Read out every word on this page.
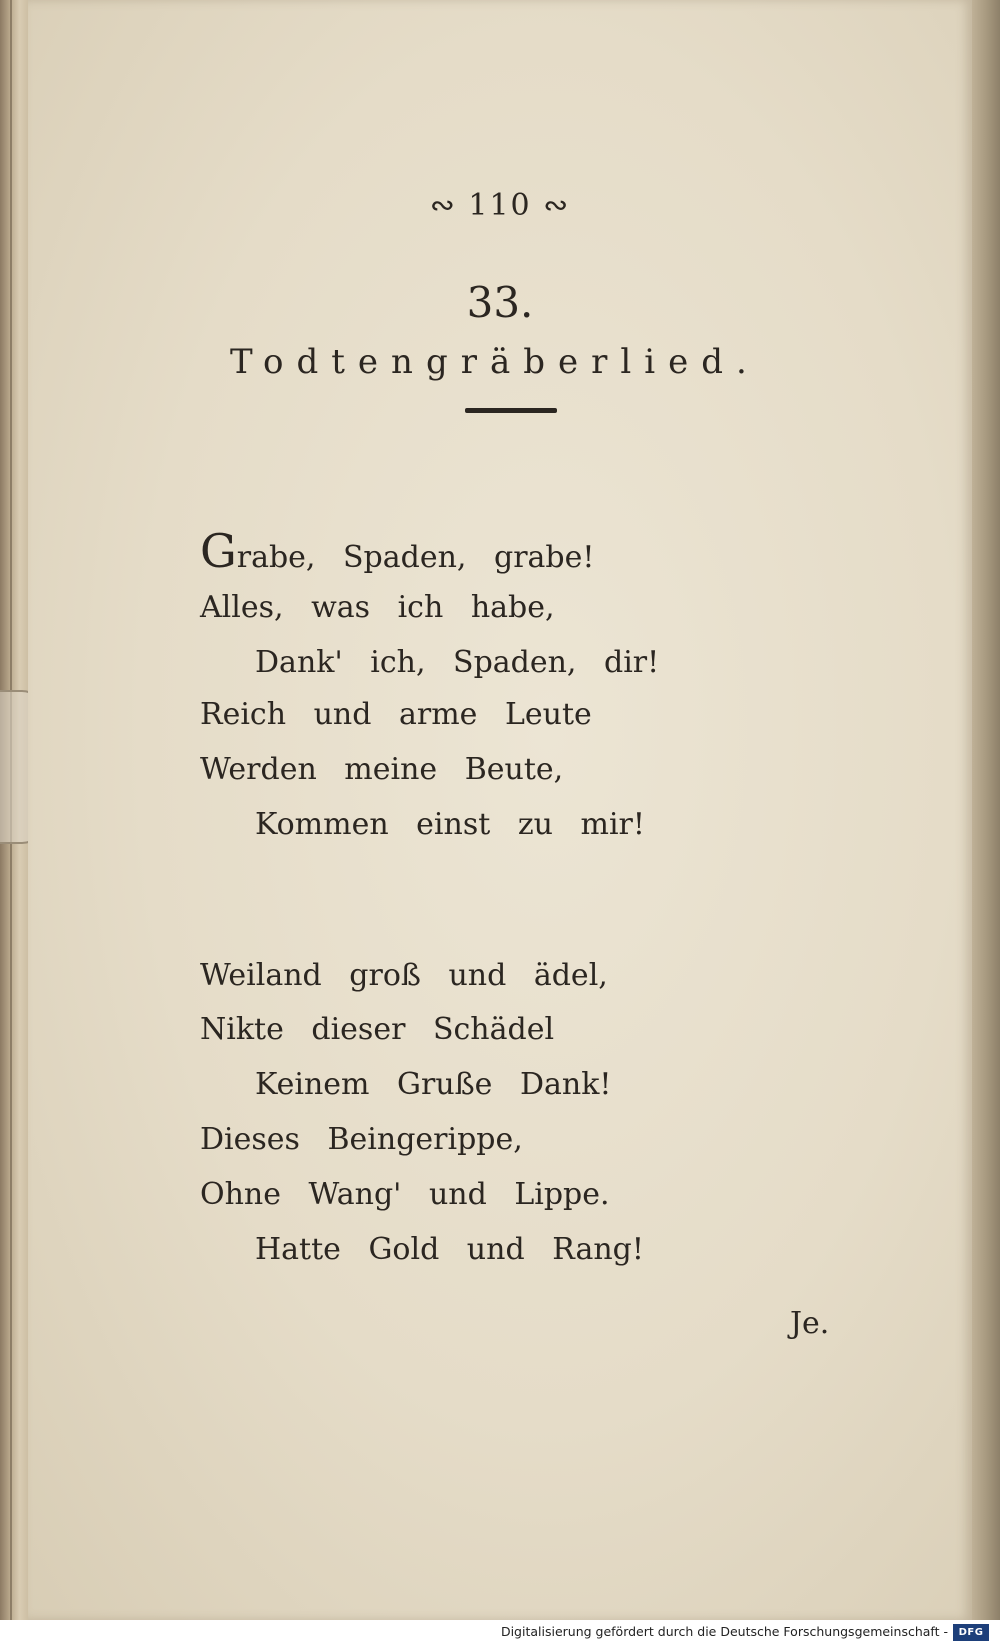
∾ 110 ∾
33.
Todtengräberlied.
Grabe, Spaden, grabe!
Alles, was ich habe,
Dank' ich, Spaden, dir!
Reich und arme Leute
Werden meine Beute,
Kommen einst zu mir!
Weiland groß und ädel,
Nikte dieser Schädel
Keinem Gruße Dank!
Dieses Beingerippe,
Ohne Wang' und Lippe.
Hatte Gold und Rang!
Je.
Digitalisierung gefördert durch die Deutsche Forschungsgemeinschaft -	DFG
